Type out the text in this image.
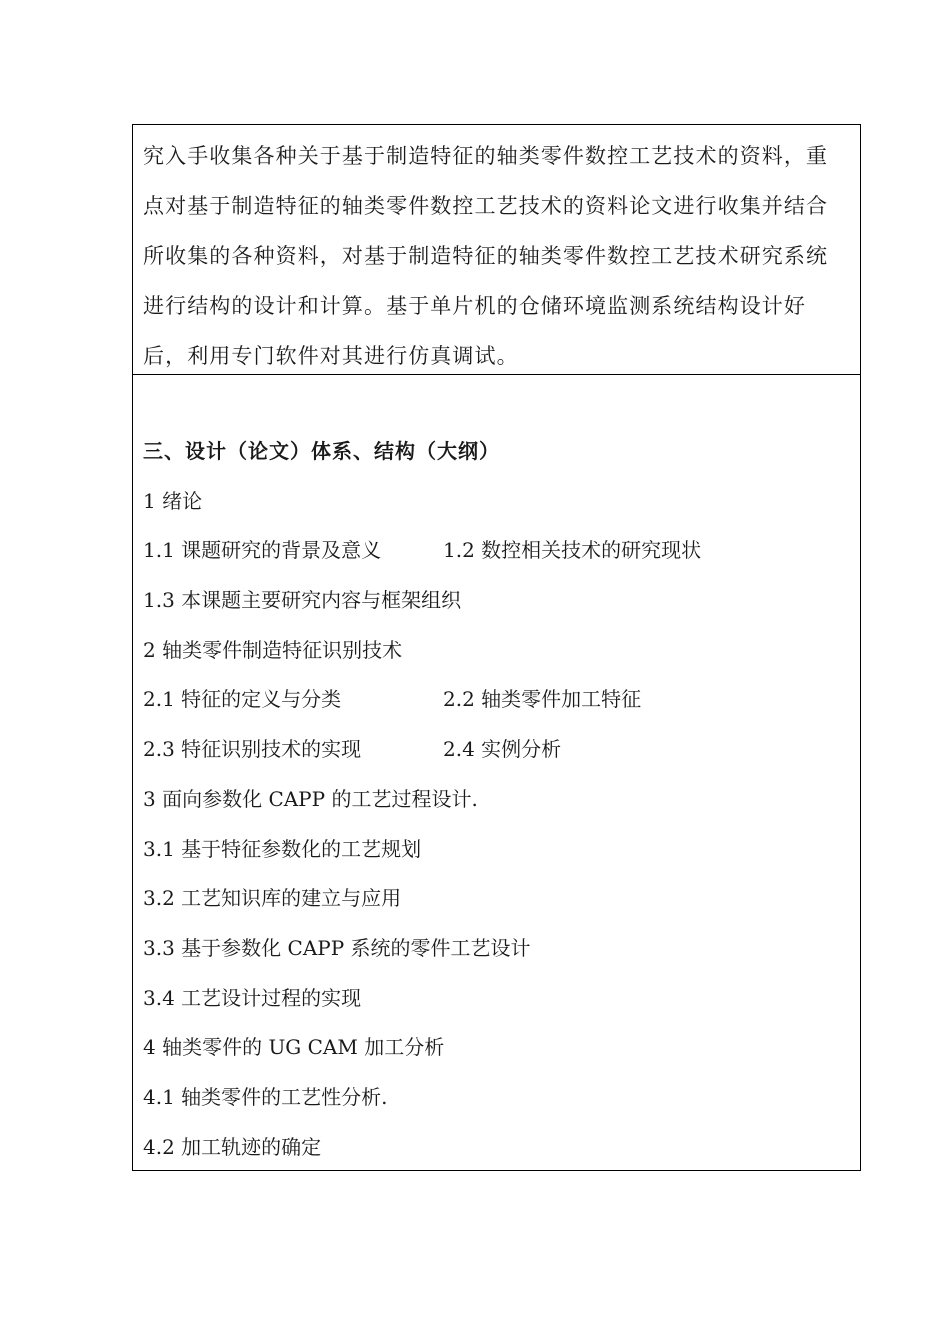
究入手收集各种关于基于制造特征的轴类零件数控工艺技术的资料，重
点对基于制造特征的轴类零件数控工艺技术的资料论文进行收集并结合
所收集的各种资料，对基于制造特征的轴类零件数控工艺技术研究系统
进行结构的设计和计算。基于单片机的仓储环境监测系统结构设计好
后，利用专门软件对其进行仿真调试。
三、设计（论文）体系、结构（大纲）
1 绪论
1.1 课题研究的背景及意义	1.2 数控相关技术的研究现状
1.3 本课题主要研究内容与框架组织
2 轴类零件制造特征识别技术
2.1 特征的定义与分类	2.2 轴类零件加工特征
2.3 特征识别技术的实现	2.4 实例分析
3 面向参数化 CAPP 的工艺过程设计.
3.1 基于特征参数化的工艺规划
3.2 工艺知识库的建立与应用
3.3 基于参数化 CAPP 系统的零件工艺设计
3.4 工艺设计过程的实现
4 轴类零件的 UG CAM 加工分析
4.1 轴类零件的工艺性分析.
4.2 加工轨迹的确定
